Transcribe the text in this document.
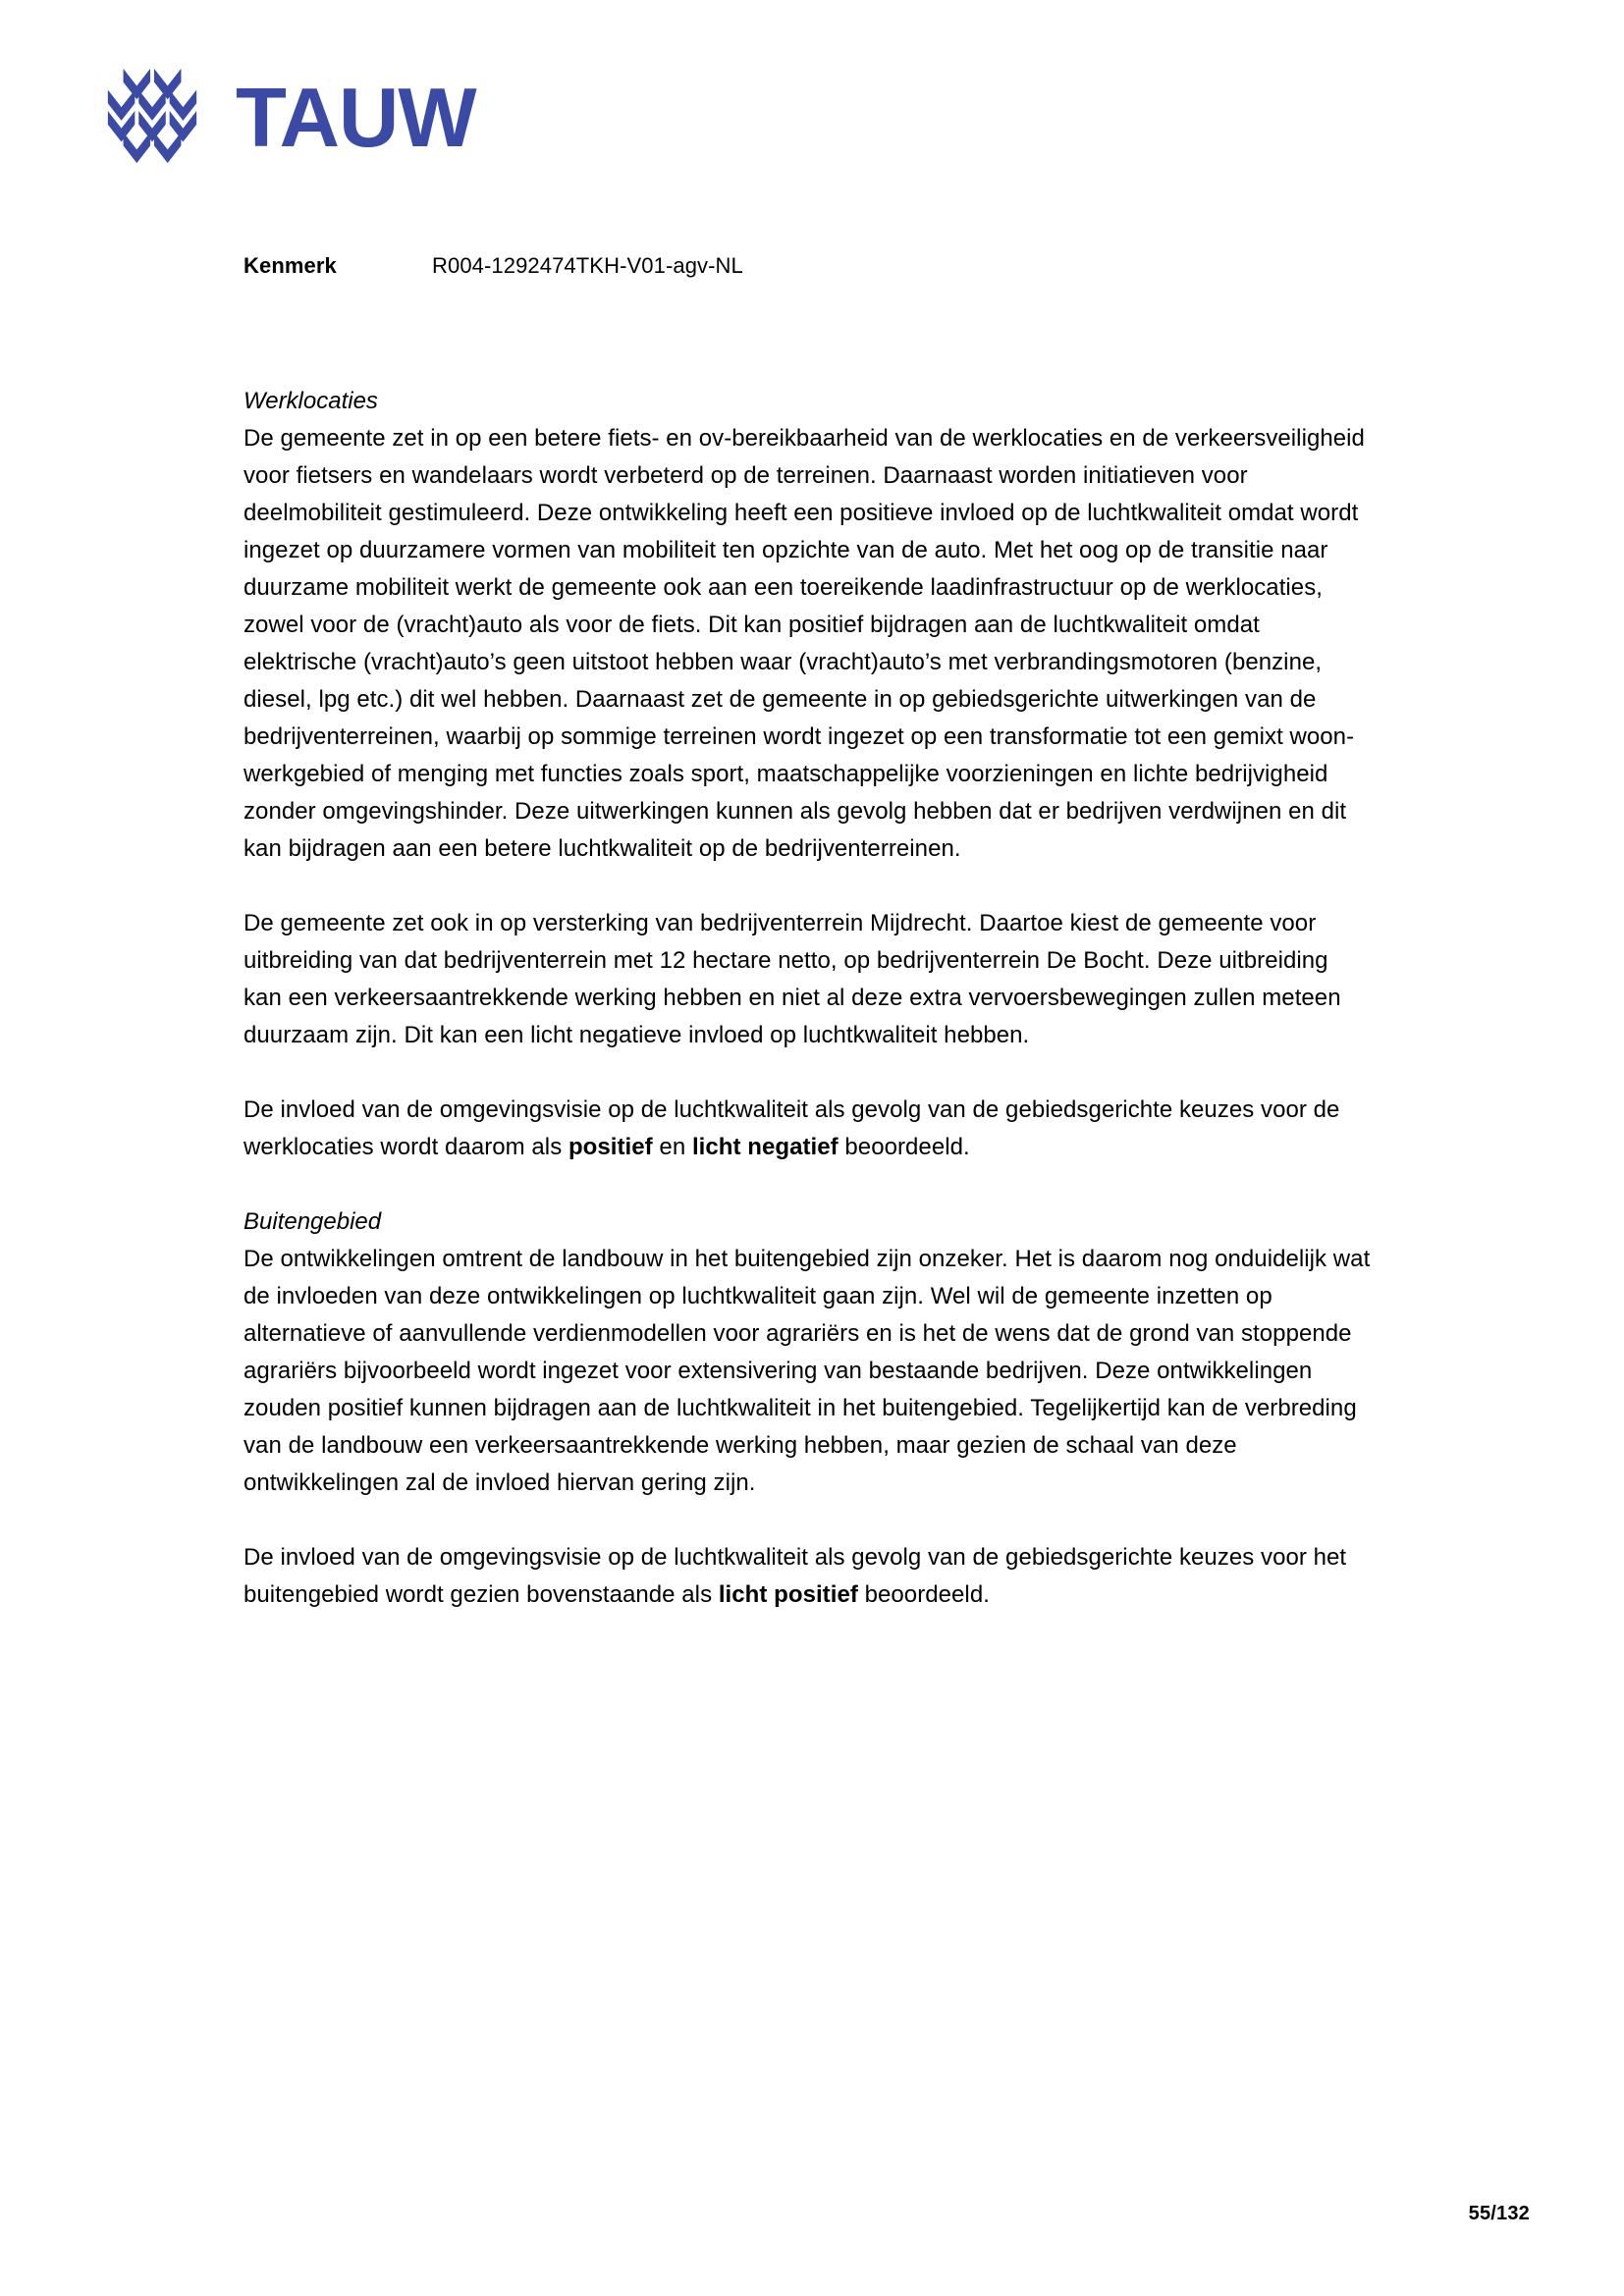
TAUW
Kenmerk	R004-1292474TKH-V01-agv-NL
Werklocaties

De gemeente zet in op een betere fiets- en ov-bereikbaarheid van de werklocaties en de verkeersveiligheid voor fietsers en wandelaars wordt verbeterd op de terreinen. Daarnaast worden initiatieven voor deelmobiliteit gestimuleerd. Deze ontwikkeling heeft een positieve invloed op de luchtkwaliteit omdat wordt ingezet op duurzamere vormen van mobiliteit ten opzichte van de auto. Met het oog op de transitie naar duurzame mobiliteit werkt de gemeente ook aan een toereikende laadinfrastructuur op de werklocaties, zowel voor de (vracht)auto als voor de fiets. Dit kan positief bijdragen aan de luchtkwaliteit omdat elektrische (vracht)auto’s geen uitstoot hebben waar (vracht)auto’s met verbrandingsmotoren (benzine, diesel, lpg etc.) dit wel hebben. Daarnaast zet de gemeente in op gebiedsgerichte uitwerkingen van de bedrijventerreinen, waarbij op sommige terreinen wordt ingezet op een transformatie tot een gemixt woon-werkgebied of menging met functies zoals sport, maatschappelijke voorzieningen en lichte bedrijvigheid zonder omgevingshinder. Deze uitwerkingen kunnen als gevolg hebben dat er bedrijven verdwijnen en dit kan bijdragen aan een betere luchtkwaliteit op de bedrijventerreinen.

De gemeente zet ook in op versterking van bedrijventerrein Mijdrecht. Daartoe kiest de gemeente voor uitbreiding van dat bedrijventerrein met 12 hectare netto, op bedrijventerrein De Bocht. Deze uitbreiding kan een verkeersaantrekkende werking hebben en niet al deze extra vervoersbewegingen zullen meteen duurzaam zijn. Dit kan een licht negatieve invloed op luchtkwaliteit hebben.

De invloed van de omgevingsvisie op de luchtkwaliteit als gevolg van de gebiedsgerichte keuzes voor de werklocaties wordt daarom als positief en licht negatief beoordeeld.

Buitengebied

De ontwikkelingen omtrent de landbouw in het buitengebied zijn onzeker. Het is daarom nog onduidelijk wat de invloeden van deze ontwikkelingen op luchtkwaliteit gaan zijn. Wel wil de gemeente inzetten op alternatieve of aanvullende verdienmodellen voor agrariërs en is het de wens dat de grond van stoppende agrariërs bijvoorbeeld wordt ingezet voor extensivering van bestaande bedrijven. Deze ontwikkelingen zouden positief kunnen bijdragen aan de luchtkwaliteit in het buitengebied. Tegelijkertijd kan de verbreding van de landbouw een verkeersaantrekkende werking hebben, maar gezien de schaal van deze ontwikkelingen zal de invloed hiervan gering zijn.

De invloed van de omgevingsvisie op de luchtkwaliteit als gevolg van de gebiedsgerichte keuzes voor het buitengebied wordt gezien bovenstaande als licht positief beoordeeld.

55/132
